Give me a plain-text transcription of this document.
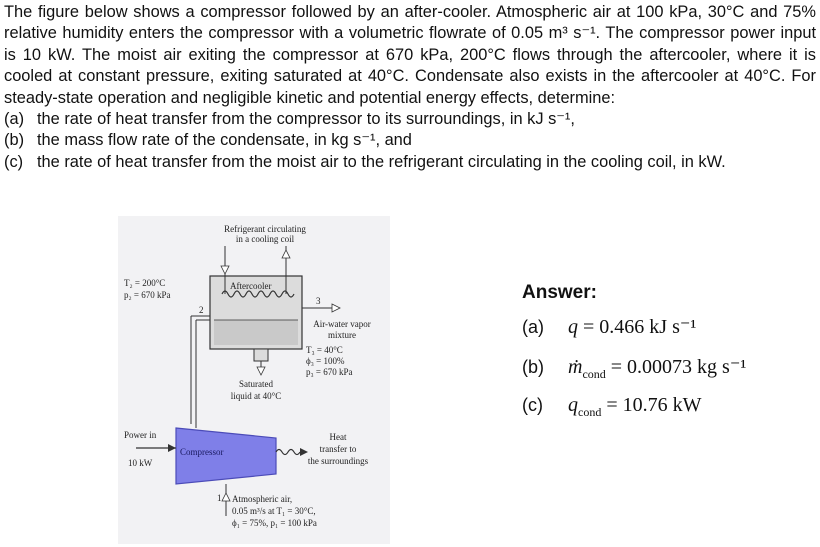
The figure below shows a compressor followed by an after-cooler. Atmospheric air at 100 kPa, 30°C and 75% relative humidity enters the compressor with a volumetric flowrate of 0.05 m³ s⁻¹. The compressor power input is 10 kW. The moist air exiting the compressor at 670 kPa, 200°C flows through the aftercooler, where it is cooled at constant pressure, exiting saturated at 40°C. Condensate also exists in the aftercooler at 40°C. For steady-state operation and negligible kinetic and potential energy effects, determine:

(a) the rate of heat transfer from the compressor to its surroundings, in kJ s⁻¹,
(b) the mass flow rate of the condensate, in kg s⁻¹, and
(c) the rate of heat transfer from the moist air to the refrigerant circulating in the cooling coil, in kW.
Refrigerant circulating
in a cooling coil
Aftercooler
T₂ = 200°C
p₂ = 670 kPa
2
3
Air-water vapor
mixture
T₃ = 40°C
ϕ₃ = 100%
p₃ = 670 kPa
Saturated
liquid at 40°C
Power in
10 kW
Compressor
Heat
transfer to
the surroundings
1 Atmospheric air,
0.05 m³/s at T₁ = 30°C,
ϕ₁ = 75%, p₁ = 100 kPa
Answer:
(a)	q = 0.466 kJ s⁻¹
(b)	ṁ$_{cond}$ = 0.00073 kg s⁻¹
(c)	$q_{cond} = 10.76$ kW
